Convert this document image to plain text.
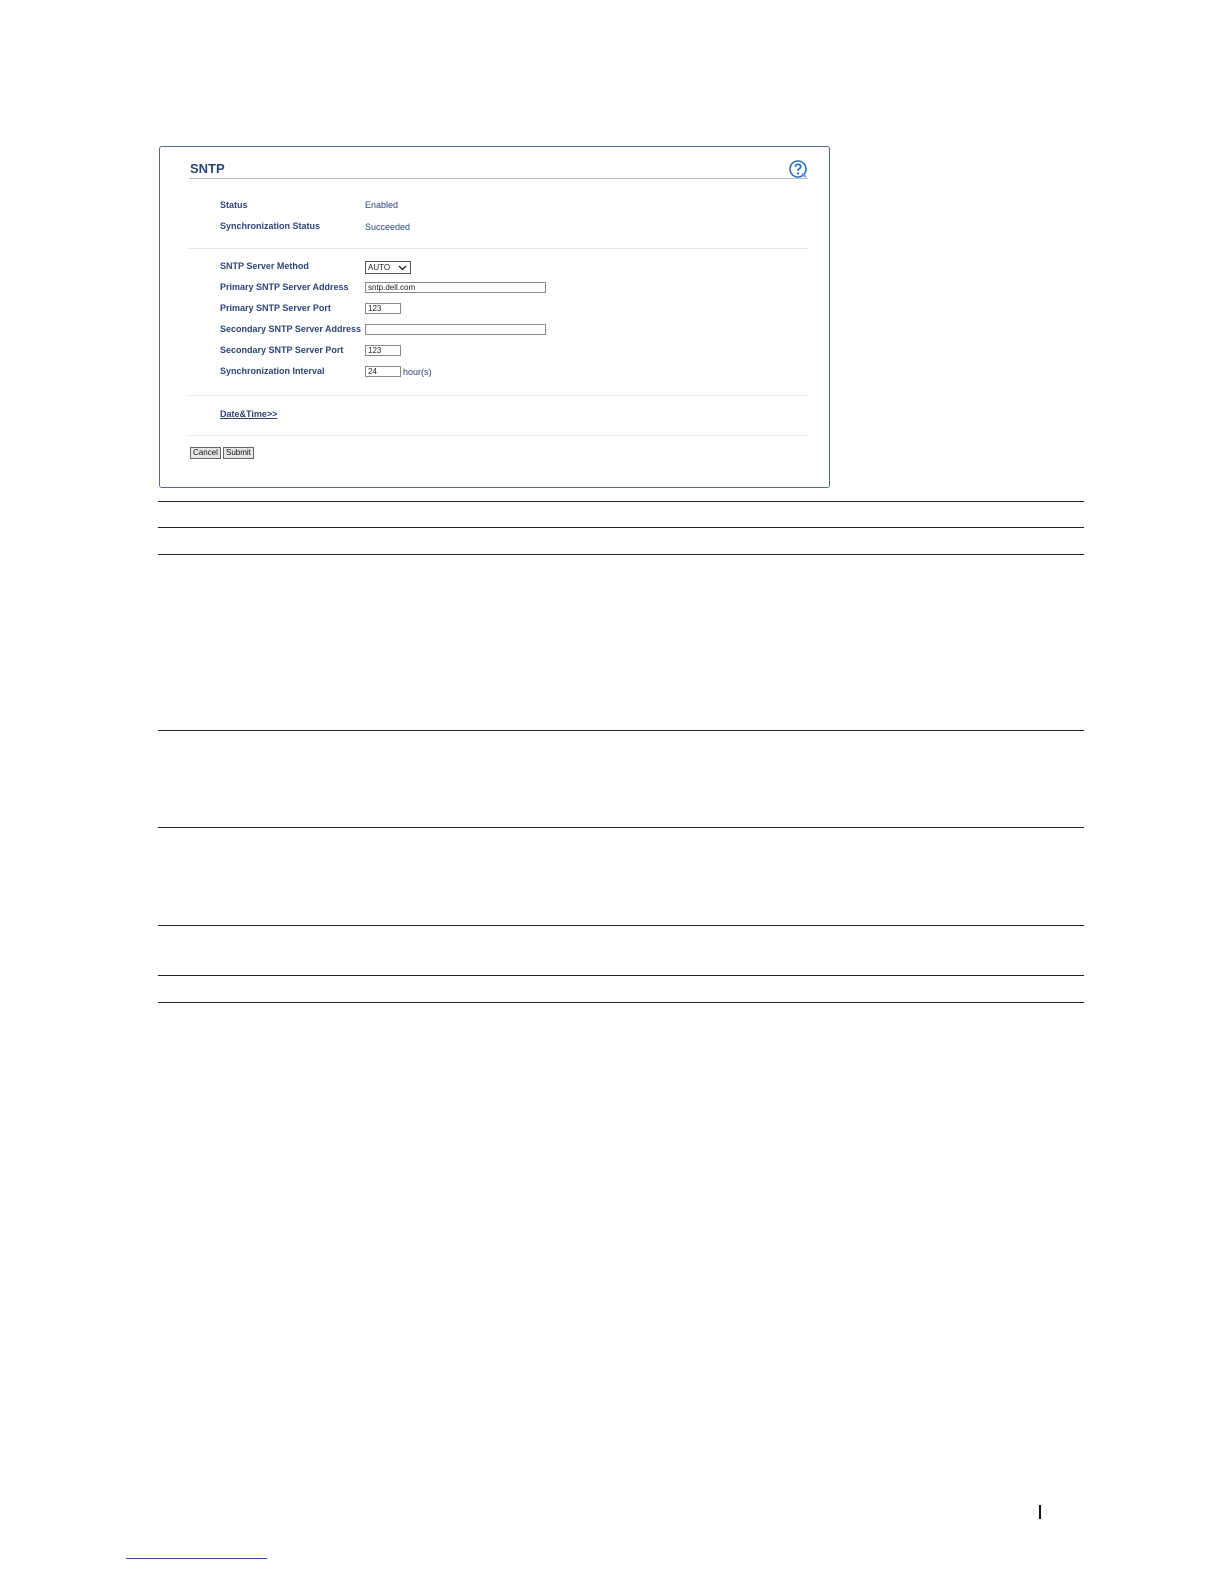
SNTP
Status	Enabled
Synchronization Status	Succeeded
SNTP Server Method	AUTO
Primary SNTP Server Address	sntp.dell.com
Primary SNTP Server Port	123
Secondary SNTP Server Address
Secondary SNTP Server Port	123
Synchronization Interval	24	hour(s)
Date&Time>>
Cancel	Submit
